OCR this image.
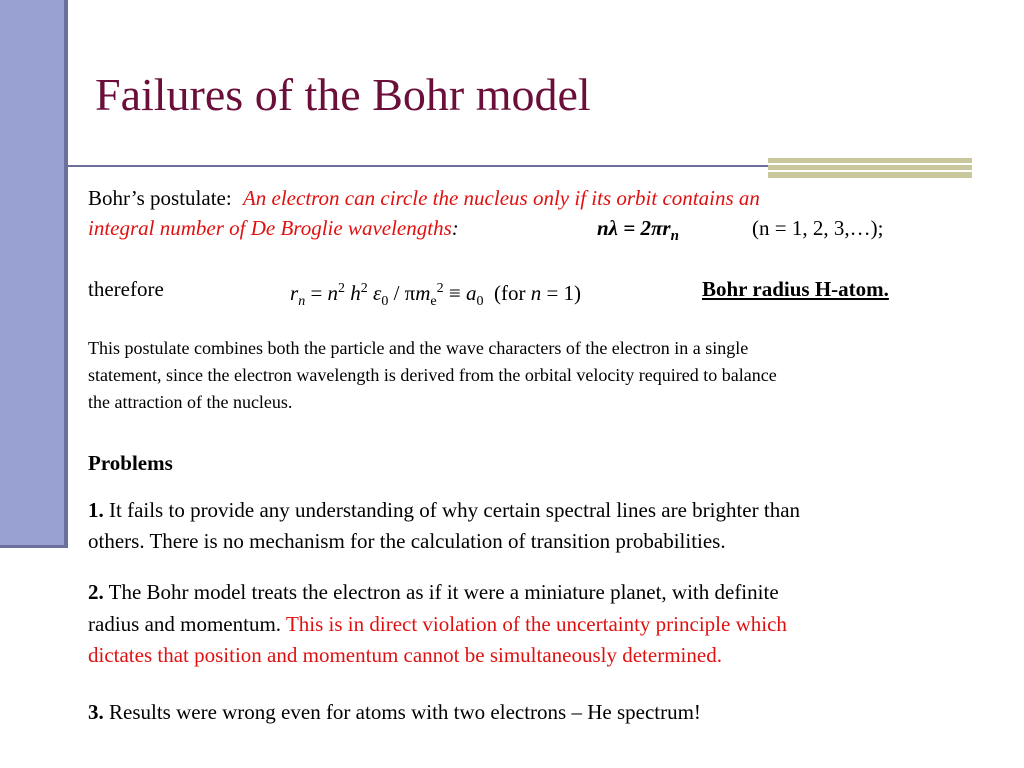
Failures of the Bohr model
Bohr’s postulate: An electron can circle the nucleus only if its orbit contains an
integral number of De Broglie wavelengths:	$n\lambda = 2\pi r_n$	(n = 1, 2, 3,…);
therefore	$r_n = n^2$ $h^2$ $\varepsilon_0 / \pi m_e^2 \equiv a_0$  (for n = 1)	Bohr radius H-atom.
This postulate combines both the particle and the wave characters of the electron in a single
statement, since the electron wavelength is derived from the orbital velocity required to balance
the attraction of the nucleus.
Problems
1. It fails to provide any understanding of why certain spectral lines are brighter than
others. There is no mechanism for the calculation of transition probabilities.
2. The Bohr model treats the electron as if it were a miniature planet, with definite
radius and momentum. This is in direct violation of the uncertainty principle which
dictates that position and momentum cannot be simultaneously determined.
3. Results were wrong even for atoms with two electrons – He spectrum!
